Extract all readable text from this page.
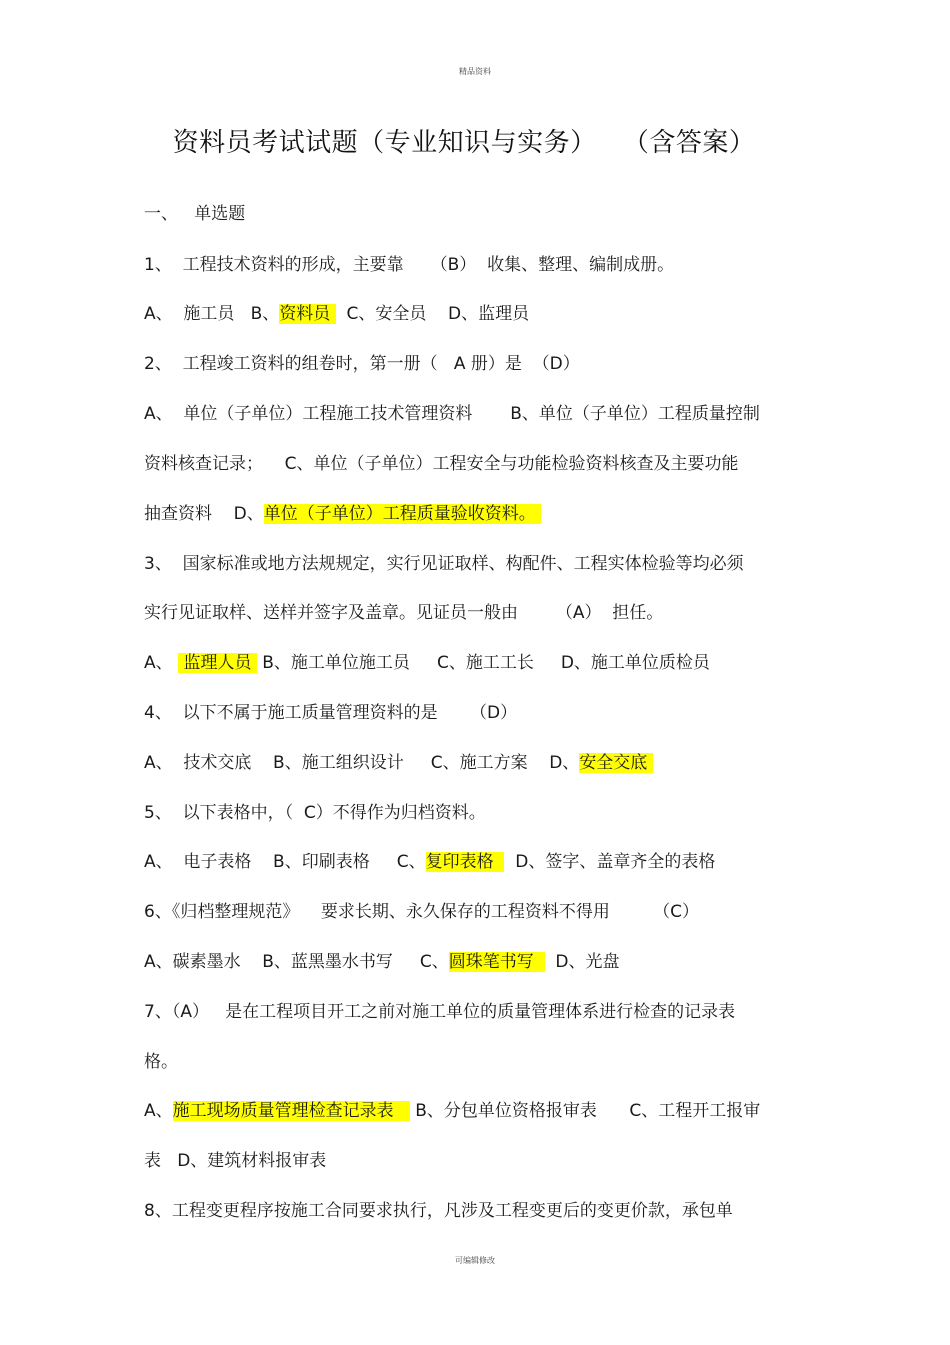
精品资料
资料员考试试题（专业知识与实务）   （含答案）
一、   单选题
1、  工程技术资料的形成，主要靠     （B）  收集、整理、编制成册。
A、  施工员   B、资料员   C、安全员    D、监理员
2、  工程竣工资料的组卷时，第一册（   A 册）是  （D）
A、  单位（子单位）工程施工技术管理资料       B、单位（子单位）工程质量控制
资料核查记录；    C、单位（子单位）工程安全与功能检验资料核查及主要功能
抽查资料    D、单位（子单位）工程质量验收资料。
3、  国家标准或地方法规规定，实行见证取样、构配件、工程实体检验等均必须
实行见证取样、送样并签字及盖章。见证员一般由       （A）  担任。
A、  监理人员  B、施工单位施工员     C、施工工长     D、施工单位质检员
4、  以下不属于施工质量管理资料的是      （D）
A、  技术交底    B、施工组织设计     C、施工方案    D、安全交底
5、  以下表格中，（  C）不得作为归档资料。
A、  电子表格    B、印刷表格     C、复印表格    D、签字、盖章齐全的表格
6、《归档整理规范》    要求长期、永久保存的工程资料不得用        （C）
A、碳素墨水    B、蓝黑墨水书写     C、圆珠笔书写    D、光盘
7、（A）   是在工程项目开工之前对施工单位的质量管理体系进行检查的记录表
格。
A、施工现场质量管理检查记录表    B、分包单位资格报审表      C、工程开工报审
表   D、建筑材料报审表
8、工程变更程序按施工合同要求执行，凡涉及工程变更后的变更价款，承包单
可编辑修改
